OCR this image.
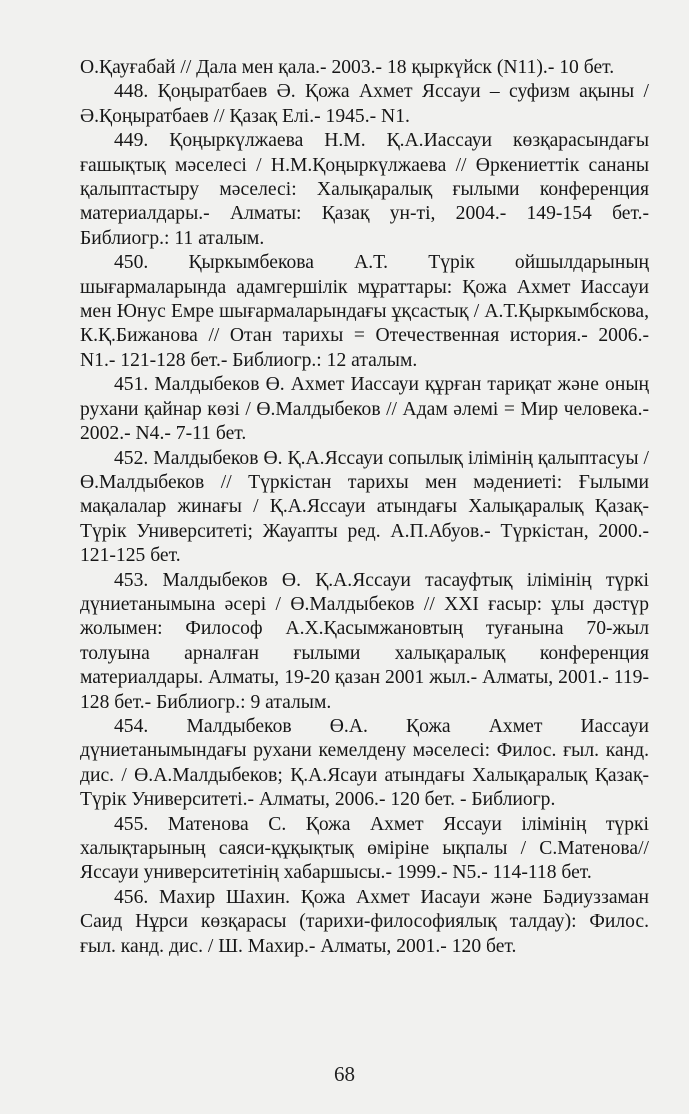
О.Қауғабай // Дала мен қала.- 2003.- 18 қыркүйск (N11).- 10 бет.

448. Қоңыратбаев Ә. Қожа Ахмет Яссауи – суфизм ақыны / Ә.Қоңыратбаев // Қазақ Елі.- 1945.- N1.

449. Қоңыркүлжаева Н.М. Қ.А.Иассауи көзқарасындағы ғашықтық мәселесі / Н.М.Қоңыркүлжаева // Өркениеттік сананы қалыптастыру мәселесі: Халықаралық ғылыми конференция материалдары.- Алматы: Қазақ ун-ті, 2004.- 149-154 бет.- Библиогр.: 11 аталым.

450. Қыркымбекова А.Т. Түрік ойшылдарының шығармаларында адамгершілік мұраттары: Қожа Ахмет Иассауи мен Юнус Емре шығармаларындағы ұқсастық / А.Т.Қыркымбскова, К.Қ.Бижанова // Отан тарихы = Отечественная история.- 2006.- N1.- 121-128 бет.- Библиогр.: 12 аталым.

451. Малдыбеков Ө. Ахмет Иассауи құрған тариқат және оның рухани қайнар көзі / Ө.Малдыбеков // Адам әлемі = Мир человека.- 2002.- N4.- 7-11 бет.

452. Малдыбеков Ө. Қ.А.Яссауи сопылық ілімінің қалыптасуы / Ө.Малдыбеков // Түркістан тарихы мен мәдениеті: Ғылыми мақалалар жинағы / Қ.А.Яссауи атындағы Халықаралық Қазақ-Түрік Университеті; Жауапты ред. А.П.Абуов.- Түркістан, 2000.- 121-125 бет.

453. Малдыбеков Ө. Қ.А.Яссауи тасауфтық ілімінің түркі дүниетанымына әсері / Ө.Малдыбеков // XXI ғасыр: ұлы дәстүр жолымен: Философ А.Х.Қасымжановтың туғанына 70-жыл толуына арналған ғылыми халықаралық конференция материалдары. Алматы, 19-20 қазан 2001 жыл.- Алматы, 2001.- 119-128 бет.- Библиогр.: 9 аталым.

454. Малдыбеков Ө.А. Қожа Ахмет Иассауи дүниетанымындағы рухани кемелдену мәселесі: Филос. ғыл. канд. дис. / Ө.А.Малдыбеков; Қ.А.Ясауи атындағы Халықаралық Қазақ-Түрік Университеті.- Алматы, 2006.- 120 бет. - Библиогр.

455. Матенова С. Қожа Ахмет Яссауи ілімінің түркі халықтарының саяси-құқықтық өміріне ықпалы / С.Матенова// Яссауи университетінің хабаршысы.- 1999.- N5.- 114-118 бет.

456. Махир Шахин. Қожа Ахмет Иасауи және Бәдиуззаман Саид Нұрси көзқарасы (тарихи-философиялық талдау): Филос. ғыл. канд. дис. / Ш. Махир.- Алматы, 2001.- 120 бет.

68
